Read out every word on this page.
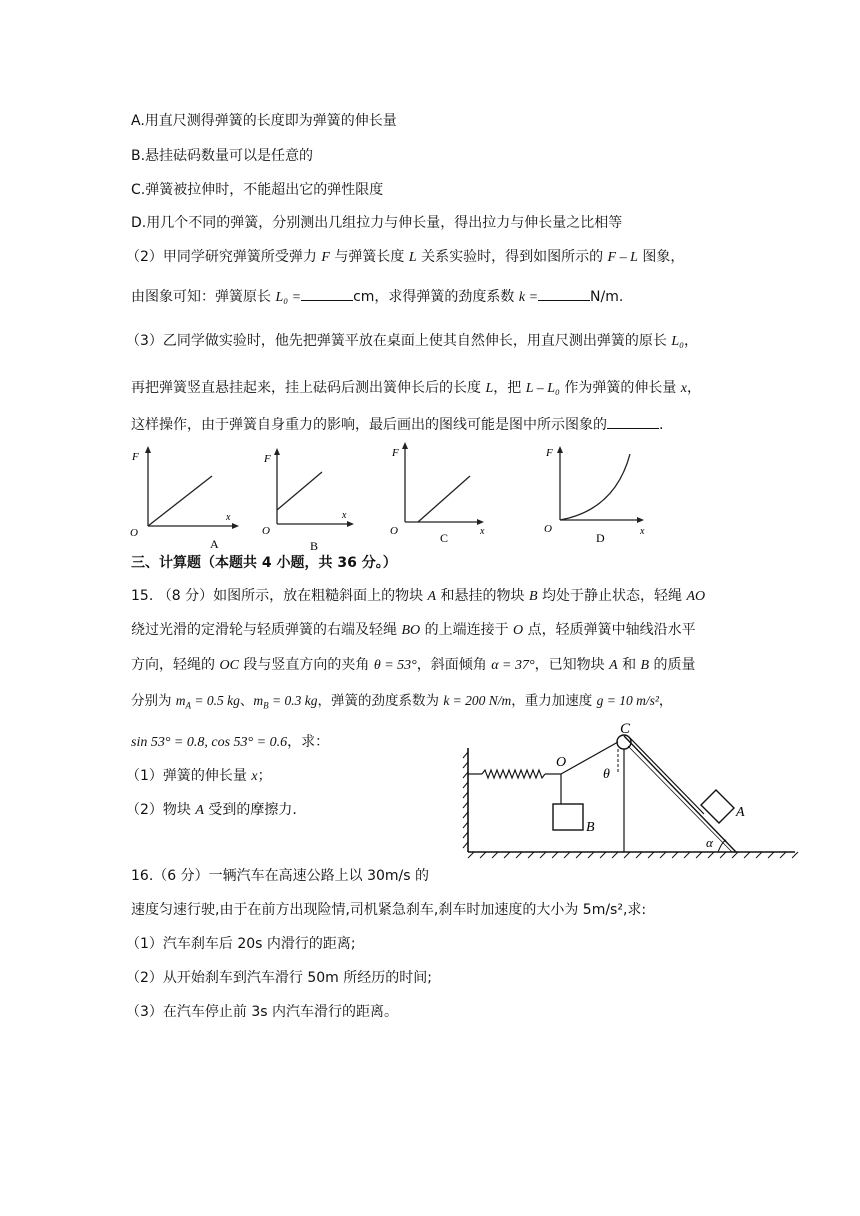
A.用直尺测得弹簧的长度即为弹簧的伸长量
B.悬挂砝码数量可以是任意的
C.弹簧被拉伸时，不能超出它的弹性限度
D.用几个不同的弹簧，分别测出几组拉力与伸长量，得出拉力与伸长量之比相等
（2）甲同学研究弹簧所受弹力 F 与弹簧长度 L 关系实验时，得到如图所示的 F – L 图象，
由图象可知：弹簧原长 L₀ =	cm，求得弹簧的劲度系数 k =	N/m.
（3）乙同学做实验时，他先把弹簧平放在桌面上使其自然伸长，用直尺测出弹簧的原长 L₀，
再把弹簧竖直悬挂起来，挂上砝码后测出簧伸长后的长度 L，把 L – L₀ 作为弹簧的伸长量 x，
这样操作，由于弹簧自身重力的影响，最后画出的图线可能是图中所示图象的	.
F
x
O
A
F
x
O
B
F
x
O	C
F
x
O
D
三、计算题（本题共 4 小题，共 36 分。）
15. （8 分）如图所示，放在粗糙斜面上的物块 A 和悬挂的物块 B 均处于静止状态，轻绳 AO
绕过光滑的定滑轮与轻质弹簧的右端及轻绳 BO 的上端连接于 O 点，轻质弹簧中轴线沿水平
方向，轻绳的 OC 段与竖直方向的夹角 θ = 53°，斜面倾角 α = 37°，已知物块 A 和 B 的质量
分别为 $m_A = 0.5$ kg、$m_B = 0.3$ kg，弹簧的劲度系数为 k = 200 N/m，重力加速度 g = 10 m/s²，
sin 53° = 0.8, cos 53° = 0.6，求：
（1）弹簧的伸长量 x；
（2）物块 A 受到的摩擦力.
C
O
θ
B
A
α
16.（6 分）一辆汽车在高速公路上以 30m/s 的
速度匀速行驶,由于在前方出现险情,司机紧急刹车,刹车时加速度的大小为 5m/s²,求:
（1）汽车刹车后 20s 内滑行的距离;
（2）从开始刹车到汽车滑行 50m 所经历的时间;
（3）在汽车停止前 3s 内汽车滑行的距离。
